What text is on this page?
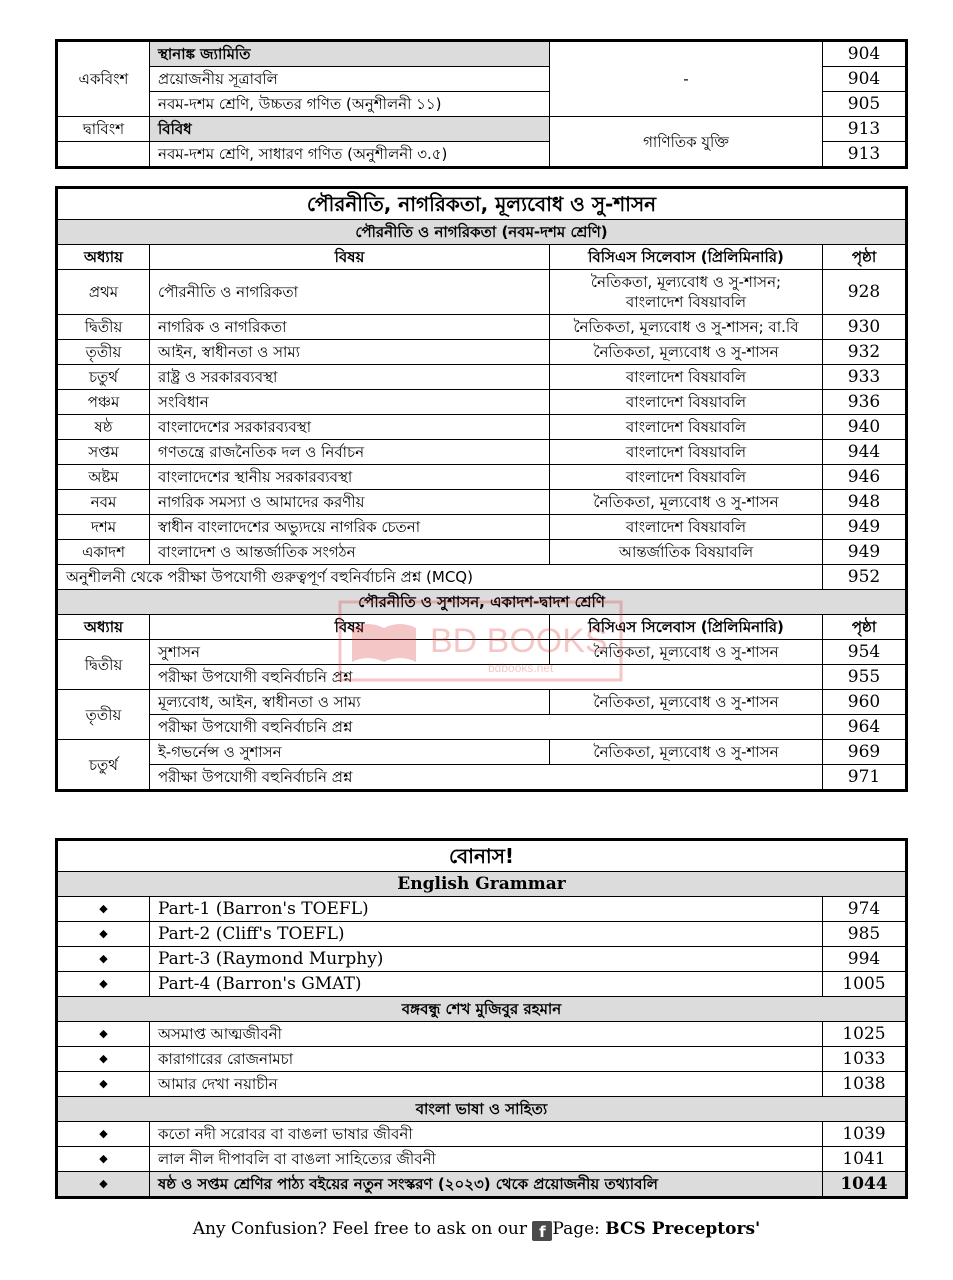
একবিংশ	স্থানাঙ্ক জ্যামিতি	-	904
	প্রয়োজনীয় সূত্রাবলি		904
	নবম-দশম শ্রেণি, উচ্চতর গণিত (অনুশীলনী ১১)		905
দ্বাবিংশ	বিবিধ	গাণিতিক যুক্তি	913
	নবম-দশম শ্রেণি, সাধারণ গণিত (অনুশীলনী ৩.৫)		913
পৌরনীতি, নাগরিকতা, মূল্যবোধ ও সু-শাসন			
পৌরনীতি ও নাগরিকতা (নবম-দশম শ্রেণি)			
অধ্যায়	বিষয়	বিসিএস সিলেবাস (প্রিলিমিনারি)	পৃষ্ঠা
প্রথম	পৌরনীতি ও নাগরিকতা	নৈতিকতা, মূল্যবোধ ও সু-শাসন;
বাংলাদেশ বিষয়াবলি	928
দ্বিতীয়	নাগরিক ও নাগরিকতা	নৈতিকতা, মূল্যবোধ ও সু-শাসন; বা.বি	930
তৃতীয়	আইন, স্বাধীনতা ও সাম্য	নৈতিকতা, মূল্যবোধ ও সু-শাসন	932
চতুর্থ	রাষ্ট্র ও সরকারব্যবস্থা	বাংলাদেশ বিষয়াবলি	933
পঞ্চম	সংবিধান	বাংলাদেশ বিষয়াবলি	936
ষষ্ঠ	বাংলাদেশের সরকারব্যবস্থা	বাংলাদেশ বিষয়াবলি	940
সপ্তম	গণতন্ত্রে রাজনৈতিক দল ও নির্বাচন	বাংলাদেশ বিষয়াবলি	944
অষ্টম	বাংলাদেশের স্থানীয় সরকারব্যবস্থা	বাংলাদেশ বিষয়াবলি	946
নবম	নাগরিক সমস্যা ও আমাদের করণীয়	নৈতিকতা, মূল্যবোধ ও সু-শাসন	948
দশম	স্বাধীন বাংলাদেশের অভ্যুদয়ে নাগরিক চেতনা	বাংলাদেশ বিষয়াবলি	949
একাদশ	বাংলাদেশ ও আন্তর্জাতিক সংগঠন	আন্তর্জাতিক বিষয়াবলি	949
অনুশীলনী থেকে পরীক্ষা উপযোগী গুরুত্বপূর্ণ বহুনির্বাচনি প্রশ্ন (MCQ)			952
পৌরনীতি ও সুশাসন, একাদশ-দ্বাদশ শ্রেণি			
অধ্যায়	বিষয়	বিসিএস সিলেবাস (প্রিলিমিনারি)	পৃষ্ঠা
দ্বিতীয়	সুশাসন	নৈতিকতা, মূল্যবোধ ও সু-শাসন	954
	পরীক্ষা উপযোগী বহুনির্বাচনি প্রশ্ন		955
তৃতীয়	মূল্যবোধ, আইন, স্বাধীনতা ও সাম্য	নৈতিকতা, মূল্যবোধ ও সু-শাসন	960
	পরীক্ষা উপযোগী বহুনির্বাচনি প্রশ্ন		964
চতুর্থ	ই-গভর্নেন্স ও সুশাসন	নৈতিকতা, মূল্যবোধ ও সু-শাসন	969
	পরীক্ষা উপযোগী বহুনির্বাচনি প্রশ্ন		971
বোনাস!		
English Grammar		
◆	Part-1 (Barron's TOEFL)	974
◆	Part-2 (Cliff's TOEFL)	985
◆	Part-3 (Raymond Murphy)	994
◆	Part-4 (Barron's GMAT)	1005
বঙ্গবন্ধু শেখ মুজিবুর রহমান		
◆	অসমাপ্ত আত্মজীবনী	1025
◆	কারাগারের রোজনামচা	1033
◆	আমার দেখা নয়াচীন	1038
বাংলা ভাষা ও সাহিত্য		
◆	কতো নদী সরোবর বা বাঙলা ভাষার জীবনী	1039
◆	লাল নীল দীপাবলি বা বাঙলা সাহিত্যের জীবনী	1041
◆	ষষ্ঠ ও সপ্তম শ্রেণির পাঠ্য বইয়ের নতুন সংস্করণ (২০২৩) থেকে প্রয়োজনীয় তথ্যাবলি	1044
BD BOOKS
bdbooks.net
Any Confusion? Feel free to ask on our f Page: BCS Preceptors'
